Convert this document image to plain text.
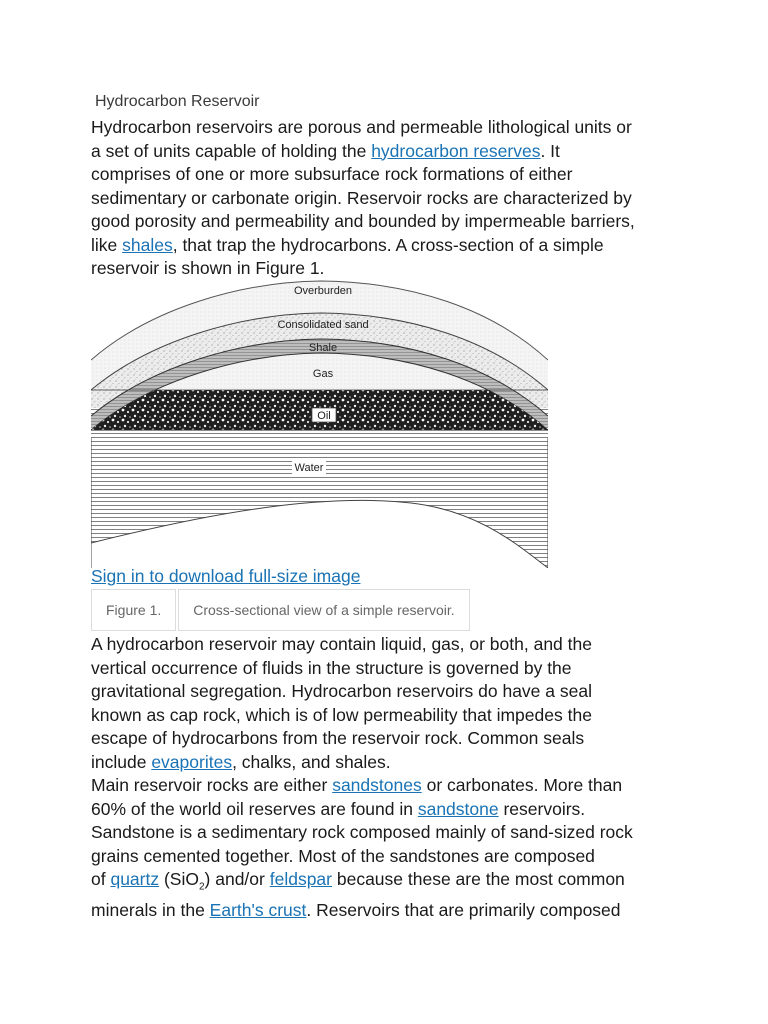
Hydrocarbon Reservoir
Hydrocarbon reservoirs are porous and permeable lithological units or
a set of units capable of holding the hydrocarbon reserves. It
comprises of one or more subsurface rock formations of either
sedimentary or carbonate origin. Reservoir rocks are characterized by
good porosity and permeability and bounded by impermeable barriers,
like shales, that trap the hydrocarbons. A cross-section of a simple
reservoir is shown in Figure 1.
Overburden
Consolidated sand
Shale
Gas
Oil
Water
Sign in to download full-size image
Figure 1.	Cross-sectional view of a simple reservoir.
A hydrocarbon reservoir may contain liquid, gas, or both, and the
vertical occurrence of fluids in the structure is governed by the
gravitational segregation. Hydrocarbon reservoirs do have a seal
known as cap rock, which is of low permeability that impedes the
escape of hydrocarbons from the reservoir rock. Common seals
include evaporites, chalks, and shales.
Main reservoir rocks are either sandstones or carbonates. More than
60% of the world oil reserves are found in sandstone reservoirs.
Sandstone is a sedimentary rock composed mainly of sand-sized rock
grains cemented together. Most of the sandstones are composed
of quartz (SiO$_2$) and/or feldspar because these are the most common
minerals in the Earth's crust. Reservoirs that are primarily composed
